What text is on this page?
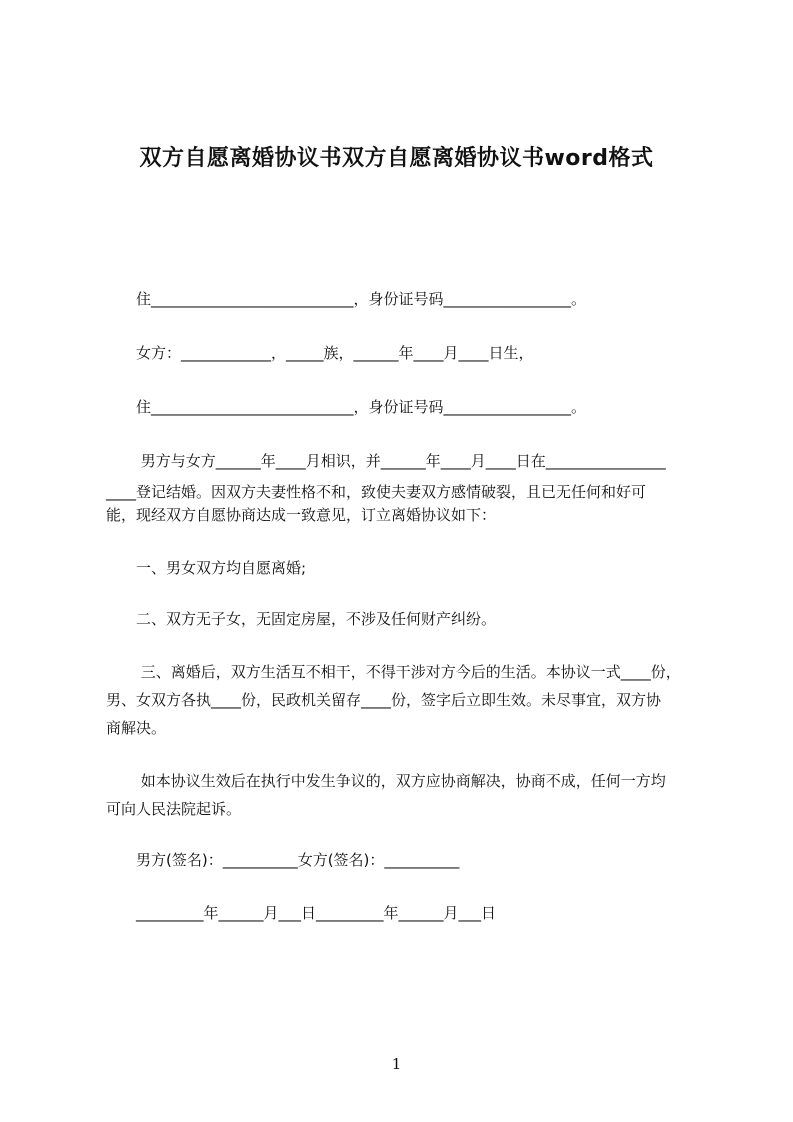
双方自愿离婚协议书双方自愿离婚协议书word格式
住___________________________，身份证号码_________________。
女方：____________，_____族，______年____月____日生，
住___________________________，身份证号码_________________。
男方与女方______年____月相识，并______年____月____日在________________
____登记结婚。因双方夫妻性格不和，致使夫妻双方感情破裂，且已无任何和好可
能，现经双方自愿协商达成一致意见，订立离婚协议如下：
一、男女双方均自愿离婚;
二、双方无子女，无固定房屋，不涉及任何财产纠纷。
三、离婚后，双方生活互不相干，不得干涉对方今后的生活。本协议一式____份，
男、女双方各执____份，民政机关留存____份，签字后立即生效。未尽事宜，双方协
商解决。
如本协议生效后在执行中发生争议的，双方应协商解决，协商不成，任何一方均
可向人民法院起诉。
男方(签名)：__________女方(签名)：__________
_________年______月___日_________年______月___日
1
